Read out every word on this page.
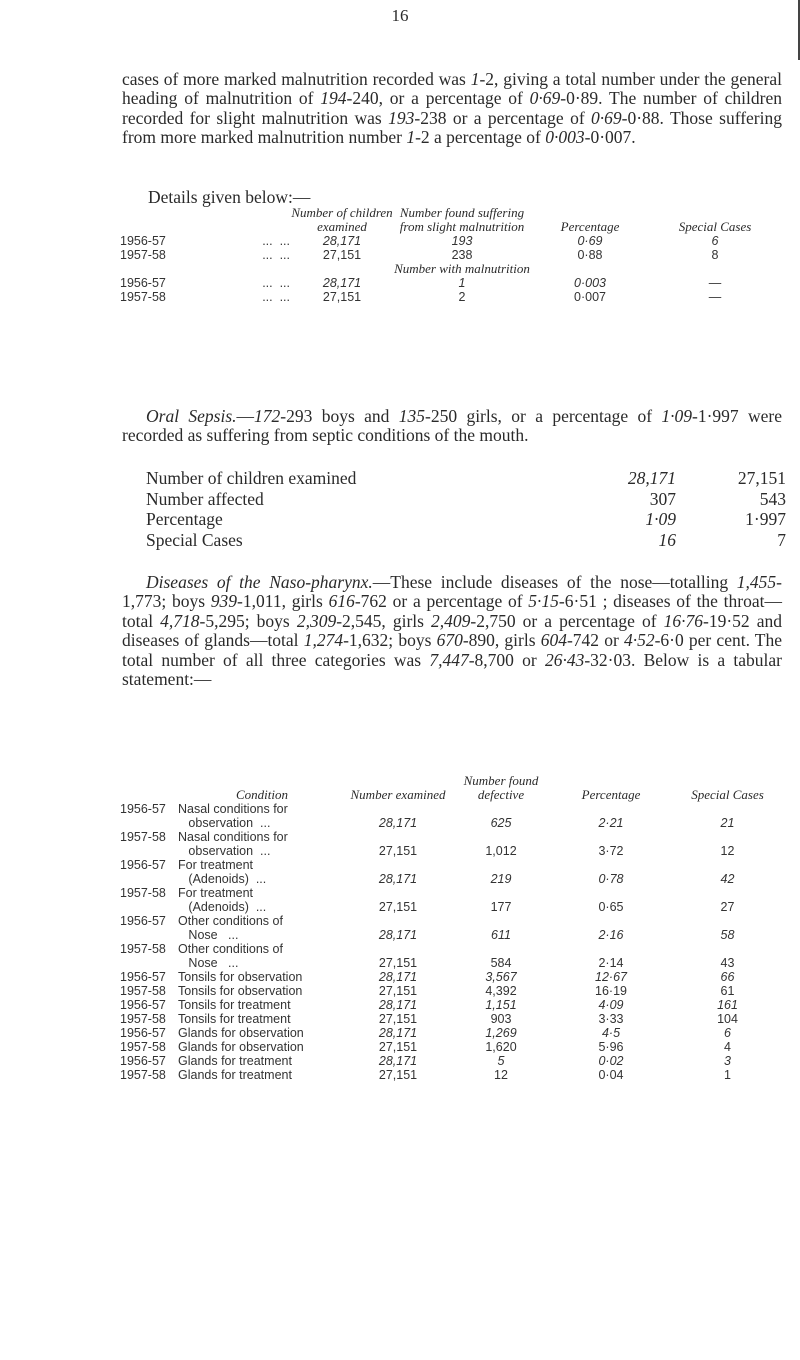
16

cases of more marked malnutrition recorded was 1-2, giving a total number under the general heading of malnutrition of 194-240, or a percentage of 0·69-0·89. The number of children recorded for slight malnutrition was 193-238 or a percentage of 0·69-0·88. Those suffering from more marked malnutrition number 1-2 a percentage of 0·003-0·007.

Details given below:—
		Number of children examined	Number found suffering from slight malnutrition	Percentage	Special Cases
1956-57	...  ...	28,171	193	0·69	6
1957-58	...  ...	27,151	238	0·88	8
			Number with malnutrition		
1956-57	...  ...	28,171	1	0·003	—
1957-58	...  ...	27,151	2	0·007	—

Oral Sepsis.—172-293 boys and 135-250 girls, or a percentage of 1·09-1·997 were recorded as suffering from septic conditions of the mouth.

Number of children examined	28,171	27,151
Number affected	307	543
Percentage	1·09	1·997
Special Cases	16	7

Diseases of the Naso-pharynx.—These include diseases of the nose—totalling 1,455-1,773; boys 939-1,011, girls 616-762 or a percentage of 5·15-6·51 ; diseases of the throat—total 4,718-5,295; boys 2,309-2,545, girls 2,409-2,750 or a percentage of 16·76-19·52 and diseases of glands—total 1,274-1,632; boys 670-890, girls 604-742 or 4·52-6·0 per cent. The total number of all three categories was 7,447-8,700 or 26·43-32·03. Below is a tabular statement:—

	Condition	Number examined	Number found defective	Percentage	Special Cases
1956-57	Nasal conditions for
observation  ...	28,171	625	2·21	21
1957-58	Nasal conditions for
observation  ...	27,151	1,012	3·72	12
1956-57	For treatment
(Adenoids)  ...	28,171	219	0·78	42
1957-58	For treatment
(Adenoids)  ...	27,151	177	0·65	27
1956-57	Other conditions of
Nose   ...	28,171	611	2·16	58
1957-58	Other conditions of
Nose   ...	27,151	584	2·14	43
1956-57	Tonsils for observation	28,171	3,567	12·67	66
1957-58	Tonsils for observation	27,151	4,392	16·19	61
1956-57	Tonsils for treatment	28,171	1,151	4·09	161
1957-58	Tonsils for treatment	27,151	903	3·33	104
1956-57	Glands for observation	28,171	1,269	4·5	6
1957-58	Glands for observation	27,151	1,620	5·96	4
1956-57	Glands for treatment	28,171	5	0·02	3
1957-58	Glands for treatment	27,151	12	0·04	1
